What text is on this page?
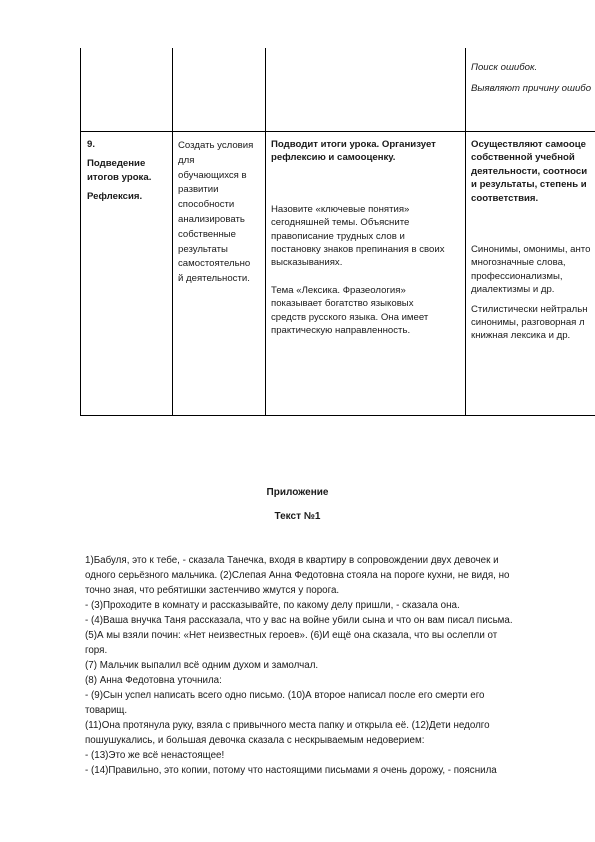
Поиск ошибок.

Выявляют причину ошибо

9.

Подведение

итогов урока.

Рефлексия.

Создать условия

для

обучающихся в

развитии

способности

анализировать

собственные

результаты

самостоятельно

й деятельности.

Подводит итоги урока. Организует

рефлексию и самооценку.

Назовите «ключевые понятия»

сегодняшней темы. Объясните

правописание трудных слов и

постановку знаков препинания в своих

высказываниях.

Тема «Лексика. Фразеология»

показывает богатство языковых

средств русского языка. Она имеет

практическую направленность.

Осуществляют самооце

собственной учебной

деятельности, соотноси

и результаты, степень и

соответствия.

Синонимы, омонимы, анто

многозначные слова,

профессионализмы,

диалектизмы и др.

Стилистически нейтральн

синонимы, разговорная л

книжная лексика и др.

Приложение
Текст №1

1)Бабуля, это к тебе, - сказала Танечка, входя в квартиру в сопровождении двух девочек и

одного серьёзного мальчика. (2)Слепая Анна Федотовна стояла на пороге кухни, не видя, но

точно зная, что ребятишки застенчиво жмутся у порога.

- (3)Проходите в комнату и рассказывайте, по какому делу пришли, - сказала она.

- (4)Ваша внучка Таня рассказала, что у вас на войне убили сына и что он вам писал письма.

(5)А мы взяли почин: «Нет неизвестных героев». (6)И ещё она сказала, что вы ослепли от

горя.

(7) Мальчик выпалил всё одним духом и замолчал.

(8) Анна Федотовна уточнила:

- (9)Сын успел написать всего одно письмо. (10)А второе написал после его смерти его

товарищ.

(11)Она протянула руку, взяла с привычного места папку и открыла её. (12)Дети недолго

пошушукались, и большая девочка сказала с нескрываемым недоверием:

- (13)Это же всё ненастоящее!

- (14)Правильно, это копии, потому что настоящими письмами я очень дорожу, - пояснила
